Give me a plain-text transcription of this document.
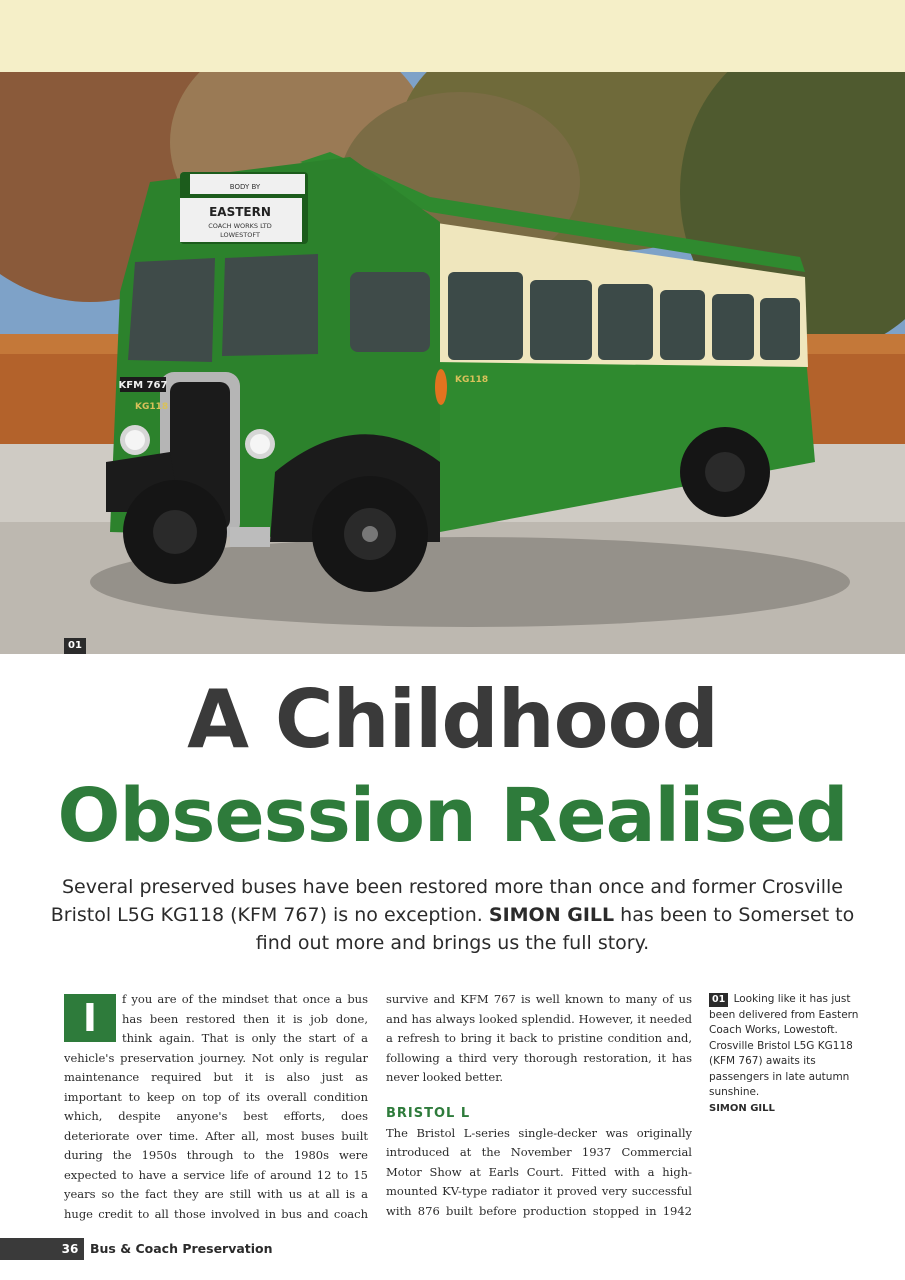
BODY BY
EASTERN
COACH WORKS LTD
LOWESTOFT
KFM 767
KG118
KG118
01
A Childhood
Obsession Realised
Several preserved buses have been restored more than once and former Crosville Bristol L5G KG118 (KFM 767) is no exception. SIMON GILL has been to Somerset to find out more and brings us the full story.

I	f you are of the mindset that once a bus has been restored then it is job done, think again. That is only the start of a vehicle's preservation journey. Not only is regular maintenance required but it is also just as important to keep on top of its overall condition which, despite anyone's best efforts, does deteriorate over time. After all, most buses built during the 1950s through to the 1980s were expected to have a service life of around 12 to 15 years so the fact they are still with us at all is a huge credit to all those involved in bus and coach

survive and KFM 767 is well known to many of us and has always looked splendid. However, it needed a refresh to bring it back to pristine condition and, following a third very thorough restoration, it has never looked better.

BRISTOL L

The Bristol L-series single-decker was originally introduced at the November 1937 Commercial Motor Show at Earls Court. Fitted with a high-mounted KV-type radiator it proved very successful with 876 built before production stopped in 1942

01 Looking like it has just been delivered from Eastern Coach Works, Lowestoft. Crosville Bristol L5G KG118 (KFM 767) awaits its passengers in late autumn sunshine.
SIMON GILL
36 Bus & Coach Preservation
